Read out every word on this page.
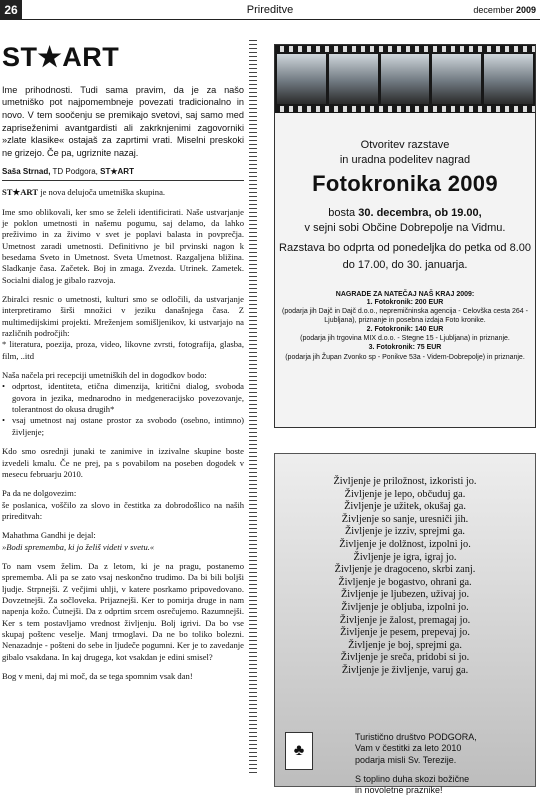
26	Prireditve	december 2009
ST★ART
Ime prihodnosti. Tudi sama pravim, da je za našo umetniško pot najpomembneje povezati tradicionalno in novo. V tem soočenju se premikajo svetovi, saj samo med zapriseženimi avantgardisti ali zakrknjenimi zagovorniki »zlate klasike« ostajaš za zaprtimi vrati. Miselni preskoki ne grizejo. Če pa, ugriznite nazaj.
Saša Strnad, TD Podgora, ST★ART

ST★ART je nova delujoča umetniška skupina.

Ime smo oblikovali, ker smo se želeli identificirati. Naše ustvarjanje je poklon umetnosti in našemu pogumu, saj delamo, da lahko preživimo in za živimo v svet je poplavi balasta in povprečja. Umetnost zaradi umetnosti. Definitivno je bil prvinski nagon k besedama Sveto in Umetnost. Sveta Umetnost. Razgaljena bližina. Sladkanje časa. Začetek. Boj in zmaga. Zvezda. Utrinek. Zametek. Socialni dialog je gibalo razvoja.

Zbiralci resnic o umetnosti, kulturi smo se odločili, da ustvarjanje interpretiramo širši množici v jeziku današnjega časa. Z multimedijskimi projekti. Mreženjem somišljenikov, ki ustvarjajo na različnih področjih:
* literatura, poezija, proza, video, likovne zvrsti, fotografija, glasba, film, ..itd

Naša načela pri recepciji umetniških del in dogodkov bodo:

• odprtost, identiteta, etična dimenzija, kritični dialog, svoboda govora in jezika, mednarodno in medgeneracijsko povezovanje, tolerantnost do okusa drugih*
• vsaj umetnost naj ostane prostor za svobodo (osebno, intimno) življenje;

Kdo smo osrednji junaki te zanimive in izzivalne skupine boste izvedeli kmalu. Če ne prej, pa s povabilom na poseben dogodek v mesecu februarju 2010.

Pa da ne dolgovezim:

še poslanica, voščilo za slovo in čestitka za dobrodošlico na naših prireditvah:

Mahathma Gandhi je dejal:
»Bodi sprememba, ki jo želiš videti v svetu.«

To nam vsem želim. Da z letom, ki je na pragu, postanemo sprememba. Ali pa se zato vsaj neskončno trudimo. Da bi bili boljši ljudje. Strpnejši. Z večjimi uhlji, v katere posrkamo pripovedovano. Dovzetnejši. Za sočloveka. Prijaznejši. Ker to pomirja druge in nam napenja kožo. Čutnejši. Da z odprtim srcem osrečujemo. Razumnejši. Ker s tem postavljamo vrednost življenju. Bolj igrivi. Da bo vse skupaj poštenc veselje. Manj trmoglavi. Da ne bo toliko bolezni. Nenazadnje - pošteni do sebe in ljudeče pogumni. Ker je to zavedanje gibalo vsakdana. In kaj drugega, kot vsakdan je edini smisel?

Bog v meni, daj mi moč, da se tega spomnim vsak dan!

Otvoritev razstave
in uradna podelitev nagrad
Fotokronika 2009
bosta 30. decembra, ob 19.00,
v sejni sobi Občine Dobrepolje na Vidmu.
Razstava bo odprta od ponedeljka do petka od 8.00 do 17.00, do 30. januarja.
NAGRADE ZA NATEČAJ NAŠ KRAJ 2009:
1. Fotokronik: 200 EUR
(podarja jih Dajč in Dajč d.o.o., nepremičninska agencija - Celovška cesta 264 - Ljubljana), priznanje in posebna izdaja Foto kronike.
2. Fotokronik: 140 EUR
(podarja jih trgovina MIX d.o.o. - Stegne 15 - Ljubljana) in priznanje.
3. Fotokronik: 75 EUR
(podarja jih Župan Zvonko sp - Ponikve 53a - Videm-Dobrepolje) in priznanje.
Življenje je priložnost, izkoristi jo.
Življenje je lepo, občuduj ga.
Življenje je užitek, okušaj ga.
Življenje so sanje, uresniči jih.
Življenje je izziv, sprejmi ga.
Življenje je dolžnost, izpolni jo.
Življenje je igra, igraj jo.
Življenje je dragoceno, skrbi zanj.
Življenje je bogastvo, ohrani ga.
Življenje je ljubezen, uživaj jo.
Življenje je obljuba, izpolni jo.
Življenje je žalost, premagaj jo.
Življenje je pesem, prepevaj jo.
Življenje je boj, sprejmi ga.
Življenje je sreča, pridobi si jo.
Življenje je življenje, varuj ga.
♣
Turistično društvo PODGORA,
Vam v čestitki za leto 2010
podarja misli Sv. Terezije.
S toplino duha skozi božične
in novoletne praznike!
